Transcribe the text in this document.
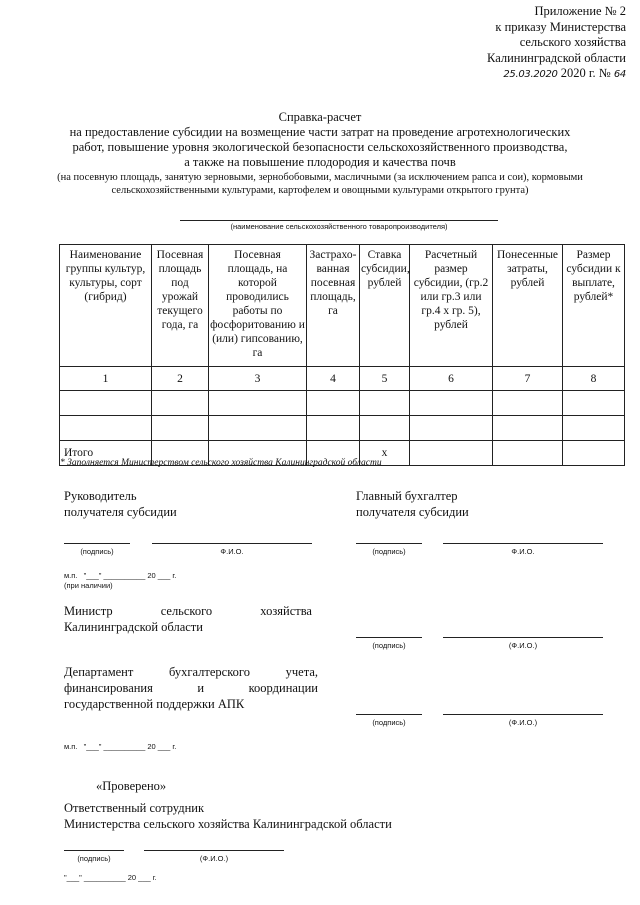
Приложение № 2
к приказу Министерства
сельского хозяйства
Калининградской области
25.03.2020 2020 г. № 64
Справка-расчет
на предоставление субсидии на возмещение части затрат на проведение агротехнологических
работ, повышение уровня экологической безопасности сельскохозяйственного производства,
а также на повышение плодородия и качества почв
(на посевную площадь, занятую зерновыми, зернобобовыми, масличными (за исключением рапса и сои), кормовыми
сельскохозяйственными культурами, картофелем и овощными культурами открытого грунта)
(наименование сельскохозяйственного товаропроизводителя)
Наименование группы культур, культуры, сорт (гибрид)	Посевная площадь под урожай текущего года, га	Посевная площадь, на которой проводились работы по фосфоритованию и (или) гипсованию, га	Застрахо-ванная посевная площадь, га	Ставка субсидии, рублей	Расчетный размер субсидии, (гр.2 или гр.3 или гр.4 x гр. 5), рублей	Понесенные затраты, рублей	Размер субсидии к выплате, рублей*
1	2	3	4	5	6	7	8

Итого				x			
* Заполняется Министерством сельского хозяйства Калининградской области
Руководитель
получателя субсидии
Главный бухгалтер
получателя субсидии
(подпись)	Ф.И.О.	(подпись)	Ф.И.О.
м.п.   "___" __________ 20 ___ г.
(при наличии)
Министр сельского хозяйства
Калининградской области
(подпись)	(Ф.И.О.)
Департамент бухгалтерского учета,
финансирования и координации
государственной поддержки АПК
(подпись)	(Ф.И.О.)
м.п.   "___" __________ 20 ___ г.
«Проверено»
Ответственный сотрудник
Министерства сельского хозяйства Калининградской области
(подпись)	(Ф.И.О.)
"___" __________ 20 ___ г.
